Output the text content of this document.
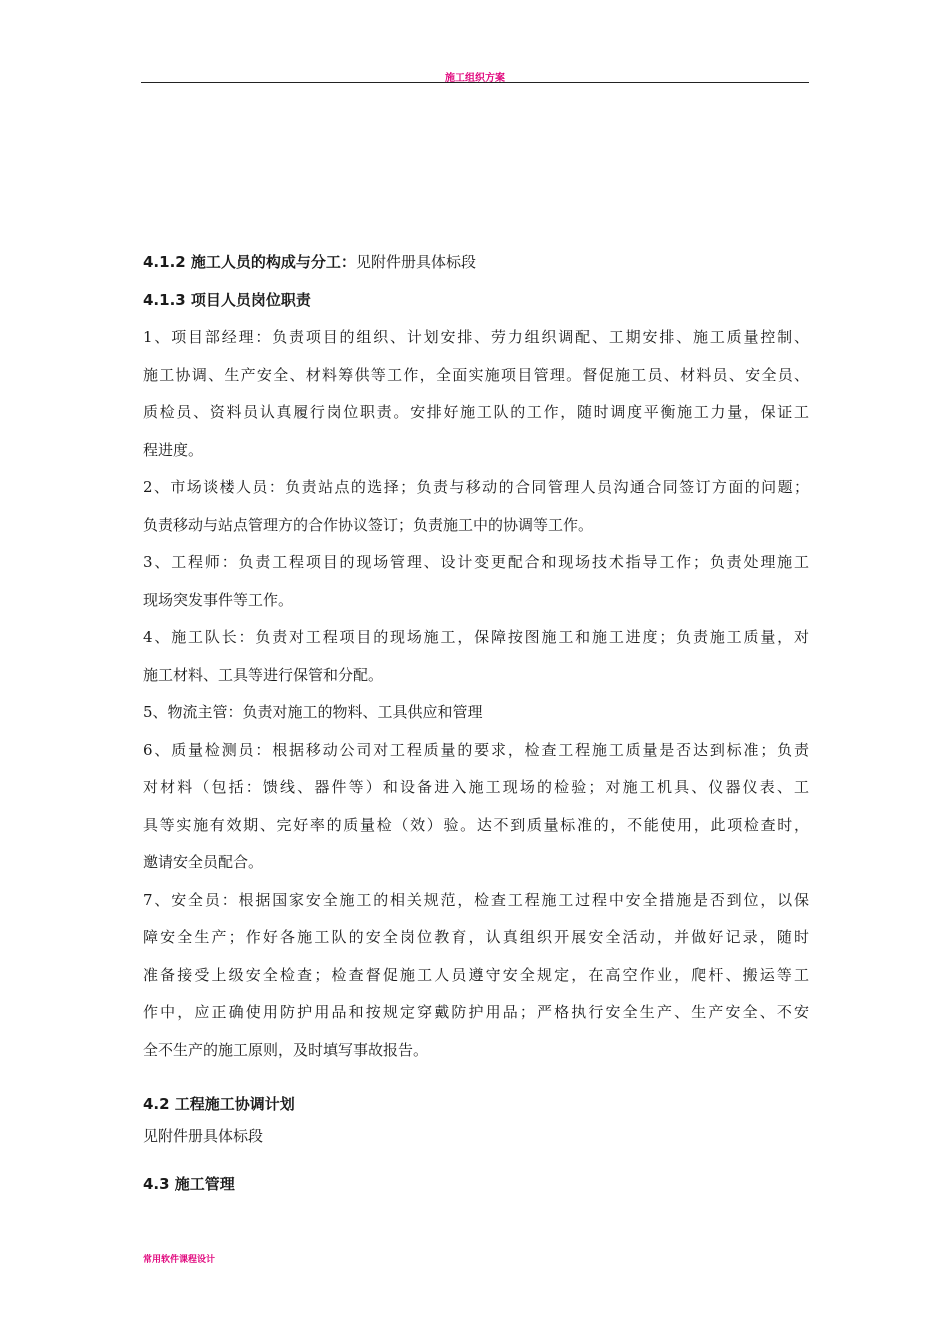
施工组织方案
4.1.2 施工人员的构成与分工：见附件册具体标段
4.1.3 项目人员岗位职责
1、项目部经理：负责项目的组织、计划安排、劳力组织调配、工期安排、施工质量控制、
施工协调、生产安全、材料筹供等工作，全面实施项目管理。督促施工员、材料员、安全员、
质检员、资料员认真履行岗位职责。安排好施工队的工作，随时调度平衡施工力量，保证工
程进度。
2、市场谈楼人员：负责站点的选择；负责与移动的合同管理人员沟通合同签订方面的问题；
负责移动与站点管理方的合作协议签订；负责施工中的协调等工作。
3、工程师：负责工程项目的现场管理、设计变更配合和现场技术指导工作；负责处理施工
现场突发事件等工作。
4、施工队长：负责对工程项目的现场施工，保障按图施工和施工进度；负责施工质量，对
施工材料、工具等进行保管和分配。
5、物流主管：负责对施工的物料、工具供应和管理
6、质量检测员：根据移动公司对工程质量的要求，检查工程施工质量是否达到标准；负责
对材料（包括：馈线、器件等）和设备进入施工现场的检验；对施工机具、仪器仪表、工
具等实施有效期、完好率的质量检（效）验。达不到质量标准的，不能使用，此项检查时，
邀请安全员配合。
7、安全员：根据国家安全施工的相关规范，检查工程施工过程中安全措施是否到位，以保
障安全生产；作好各施工队的安全岗位教育，认真组织开展安全活动，并做好记录，随时
准备接受上级安全检查；检查督促施工人员遵守安全规定，在高空作业，爬杆、搬运等工
作中，应正确使用防护用品和按规定穿戴防护用品；严格执行安全生产、生产安全、不安
全不生产的施工原则，及时填写事故报告。
4.2 工程施工协调计划
见附件册具体标段
4.3 施工管理
常用软件课程设计
